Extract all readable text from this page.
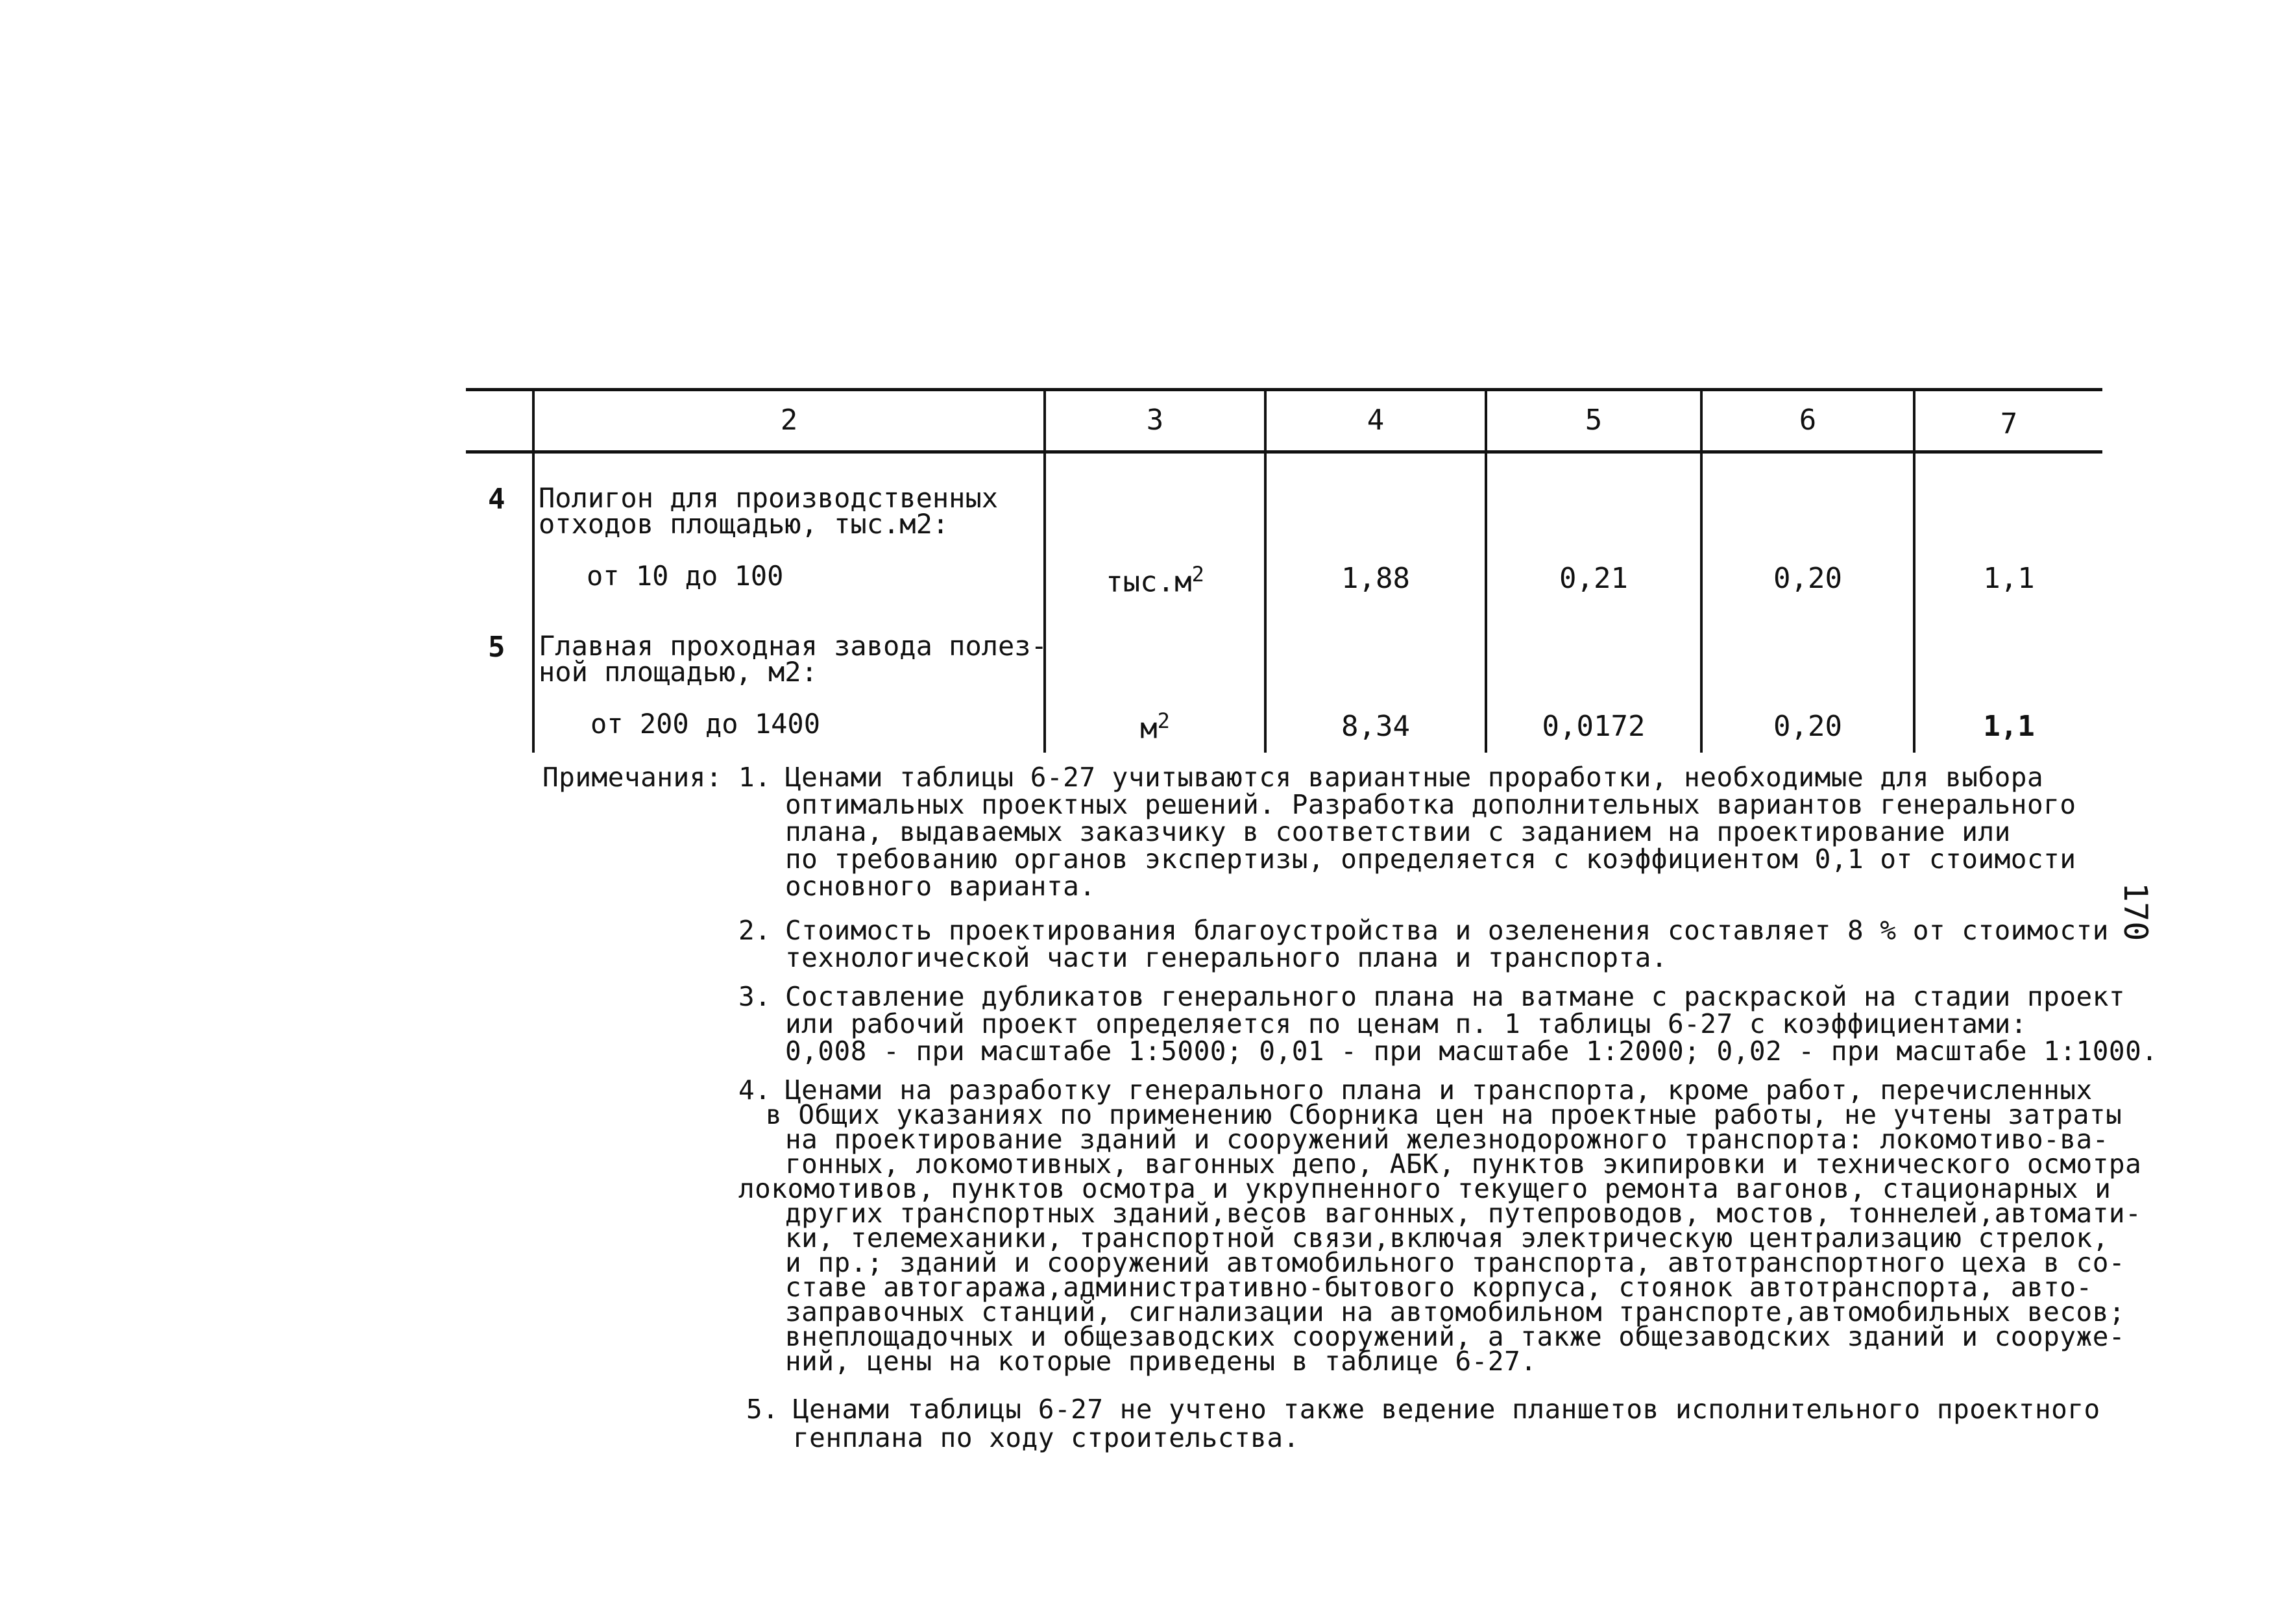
2	3	4	5	6	7
4 Полигон для производственных
отходов площадью, тыс.м2:
от 10 до 100	$тыс.м^2$	1,88	0,21	0,20	1,1
5 Главная проходная завода полез-
ной площадью, м2:
от 200 до 1400	$м^2$	8,34	0,0172	0,20	1,1
Примечания: 1. Ценами таблицы 6-27 учитываются вариантные проработки, необходимые для выбора
оптимальных проектных решений. Разработка дополнительных вариантов генерального
плана, выдаваемых заказчику в соответствии с заданием на проектирование или
по требованию органов экспертизы, определяется с коэффициентом 0,1 от стоимости
основного варианта.
2. Стоимость проектирования благоустройства и озеленения составляет 8 % от стоимости
технологической части генерального плана и транспорта.
3. Составление дубликатов генерального плана на ватмане с раскраской на стадии проект
или рабочий проект определяется по ценам п. 1 таблицы 6-27 с коэффициентами:
0,008 - при масштабе 1:5000; 0,01 - при масштабе 1:2000; 0,02 - при масштабе 1:1000.
4. Ценами на разработку генерального плана и транспорта, кроме работ, перечисленных
в Общих указаниях по применению Сборника цен на проектные работы, не учтены затраты
на проектирование зданий и сооружений железнодорожного транспорта: локомотиво-ва-
гонных, локомотивных, вагонных депо, АБК, пунктов экипировки и технического осмотра
локомотивов, пунктов осмотра и укрупненного текущего ремонта вагонов, стационарных и
других транспортных зданий,весов вагонных, путепроводов, мостов, тоннелей,автомати-
ки, телемеханики, транспортной связи,включая электрическую централизацию стрелок,
и пр.; зданий и сооружений автомобильного транспорта, автотранспортного цеха в со-
ставе автогаража,административно-бытового корпуса, стоянок автотранспорта, авто-
заправочных станций, сигнализации на автомобильном транспорте,автомобильных весов;
внеплощадочных и общезаводских сооружений, а также общезаводских зданий и сооруже-
ний, цены на которые приведены в таблице 6-27.
5. Ценами таблицы 6-27 не учтено также ведение планшетов исполнительного проектного
генплана по ходу строительства.
170
